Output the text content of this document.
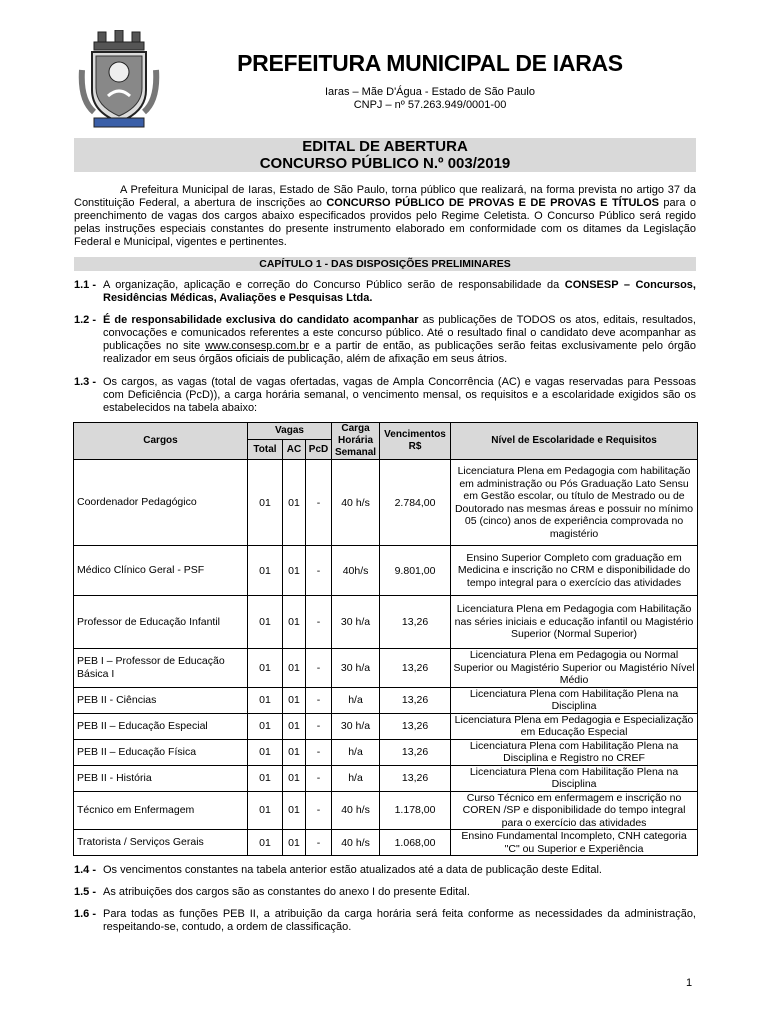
PREFEITURA MUNICIPAL DE IARAS
Iaras – Mãe D'Água - Estado de São Paulo
CNPJ – nº 57.263.949/0001-00
EDITAL DE ABERTURA
CONCURSO PÚBLICO N.º 003/2019

A Prefeitura Municipal de Iaras, Estado de São Paulo, torna público que realizará, na forma prevista no artigo 37 da Constituição Federal, a abertura de inscrições ao CONCURSO PÚBLICO DE PROVAS E DE PROVAS E TÍTULOS para o preenchimento de vagas dos cargos abaixo especificados providos pelo Regime Celetista. O Concurso Público será regido pelas instruções especiais constantes do presente instrumento elaborado em conformidade com os ditames da Legislação Federal e Municipal, vigentes e pertinentes.

CAPÍTULO 1 - DAS DISPOSIÇÕES PRELIMINARES
1.1 - A organização, aplicação e correção do Concurso Público serão de responsabilidade da CONSESP – Concursos, Residências Médicas, Avaliações e Pesquisas Ltda.
1.2 - É de responsabilidade exclusiva do candidato acompanhar as publicações de TODOS os atos, editais, resultados, convocações e comunicados referentes a este concurso público. Até o resultado final o candidato deve acompanhar as publicações no site www.consesp.com.br e a partir de então, as publicações serão feitas exclusivamente pelo órgão realizador em seus órgãos oficiais de publicação, além de afixação em seus átrios.
1.3 - Os cargos, as vagas (total de vagas ofertadas, vagas de Ampla Concorrência (AC) e vagas reservadas para Pessoas com Deficiência (PcD)), a carga horária semanal, o vencimento mensal, os requisitos e a escolaridade exigidos são os estabelecidos na tabela abaixo:
Cargos	Vagas			Carga Horária Semanal	Vencimentos R$	Nível de Escolaridade e Requisitos
	Total	AC	PcD			
Coordenador Pedagógico	01	01	-	40 h/s	2.784,00	Licenciatura Plena em Pedagogia com habilitação em administração ou Pós Graduação Lato Sensu em Gestão escolar, ou título de Mestrado ou de Doutorado nas mesmas áreas e possuir no mínimo 05 (cinco) anos de experiência comprovada no magistério
Médico Clínico Geral - PSF	01	01	-	40h/s	9.801,00	Ensino Superior Completo com graduação em Medicina e inscrição no CRM e disponibilidade do tempo integral para o exercício das atividades
Professor de Educação Infantil	01	01	-	30 h/a	13,26	Licenciatura Plena em Pedagogia com Habilitação nas séries iniciais e educação infantil ou Magistério Superior (Normal Superior)
PEB I – Professor de Educação Básica I	01	01	-	30 h/a	13,26	Licenciatura Plena em Pedagogia ou Normal Superior ou Magistério Superior ou Magistério Nível Médio
PEB II - Ciências	01	01	-	h/a	13,26	Licenciatura Plena com Habilitação Plena na Disciplina
PEB II – Educação Especial	01	01	-	30 h/a	13,26	Licenciatura Plena em Pedagogia e Especialização em Educação Especial
PEB II – Educação Física	01	01	-	h/a	13,26	Licenciatura Plena com Habilitação Plena na Disciplina e Registro no CREF
PEB II - História	01	01	-	h/a	13,26	Licenciatura Plena com Habilitação Plena na Disciplina
Técnico em Enfermagem	01	01	-	40 h/s	1.178,00	Curso Técnico em enfermagem e inscrição no COREN /SP e disponibilidade do tempo integral para o exercício das atividades
Tratorista / Serviços Gerais	01	01	-	40 h/s	1.068,00	Ensino Fundamental Incompleto, CNH categoria "C" ou Superior e Experiência
1.4 - Os vencimentos constantes na tabela anterior estão atualizados até a data de publicação deste Edital.
1.5 - As atribuições dos cargos são as constantes do anexo I do presente Edital.
1.6 - Para todas as funções PEB II, a atribuição da carga horária será feita conforme as necessidades da administração, respeitando-se, contudo, a ordem de classificação.
1
